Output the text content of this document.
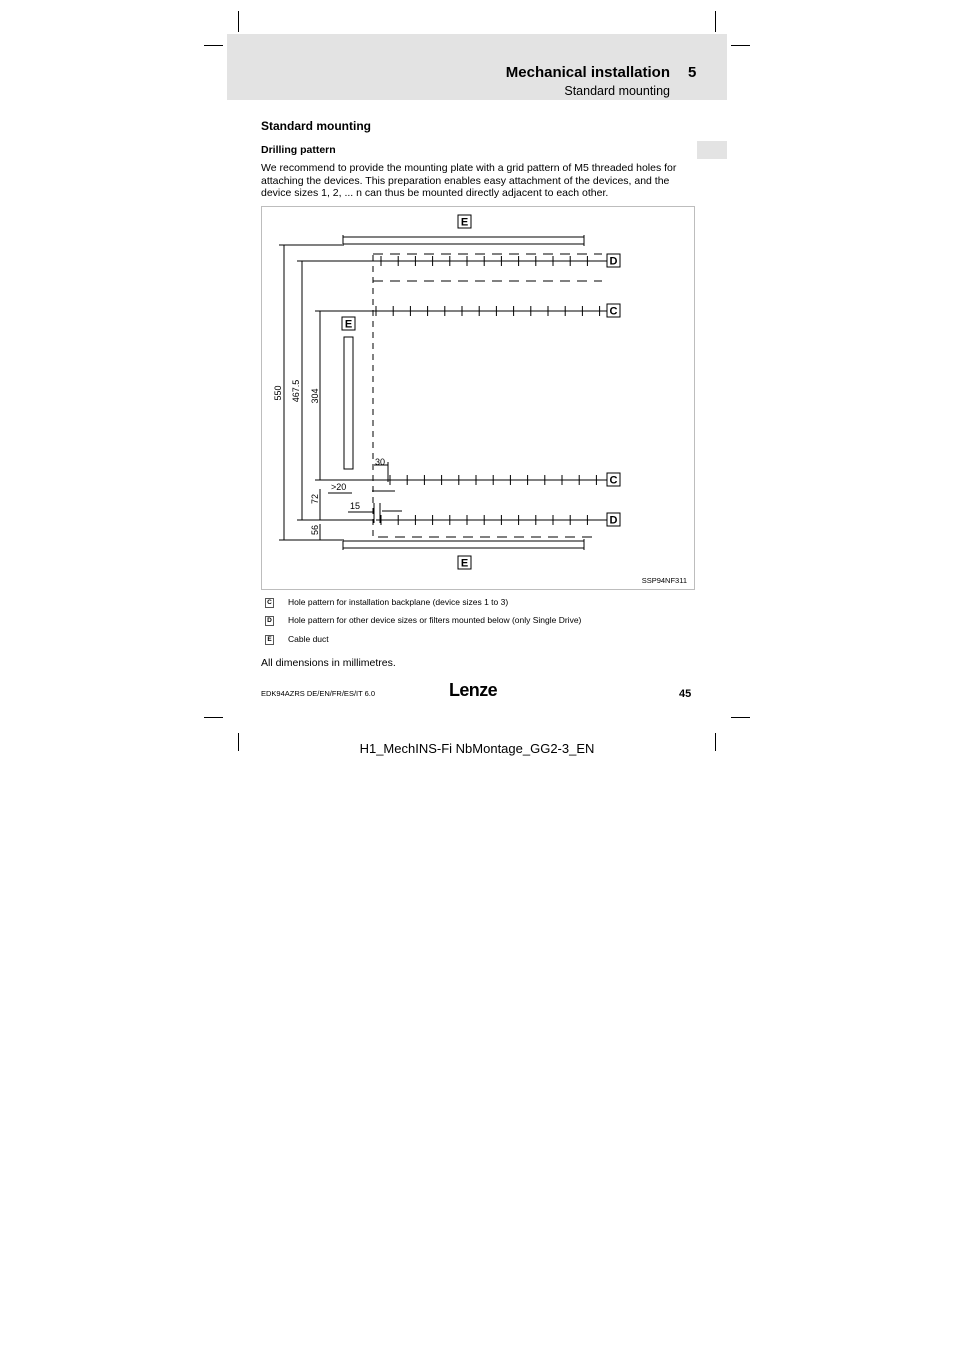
Mechanical installation 5
Standard mounting
Standard mounting
Drilling pattern
We recommend to provide the mounting plate with a grid pattern of M5 threaded holes for attaching the devices. This preparation enables easy attachment of the devices, and the device sizes 1, 2, ... n can thus be mounted directly adjacent to each other.
E
D
C
E
C
D
E
550 467.5 304
72
56
30
>20
15
SSP94NF311
C Hole pattern for installation backplane (device sizes 1 to 3)
D Hole pattern for other device sizes or filters mounted below (only Single Drive)
E Cable duct
All dimensions in millimetres.
EDK94AZRS DE/EN/FR/ES/IT 6.0	Lenze	45
H1_MechINS-Fi NbMontage_GG2-3_EN
